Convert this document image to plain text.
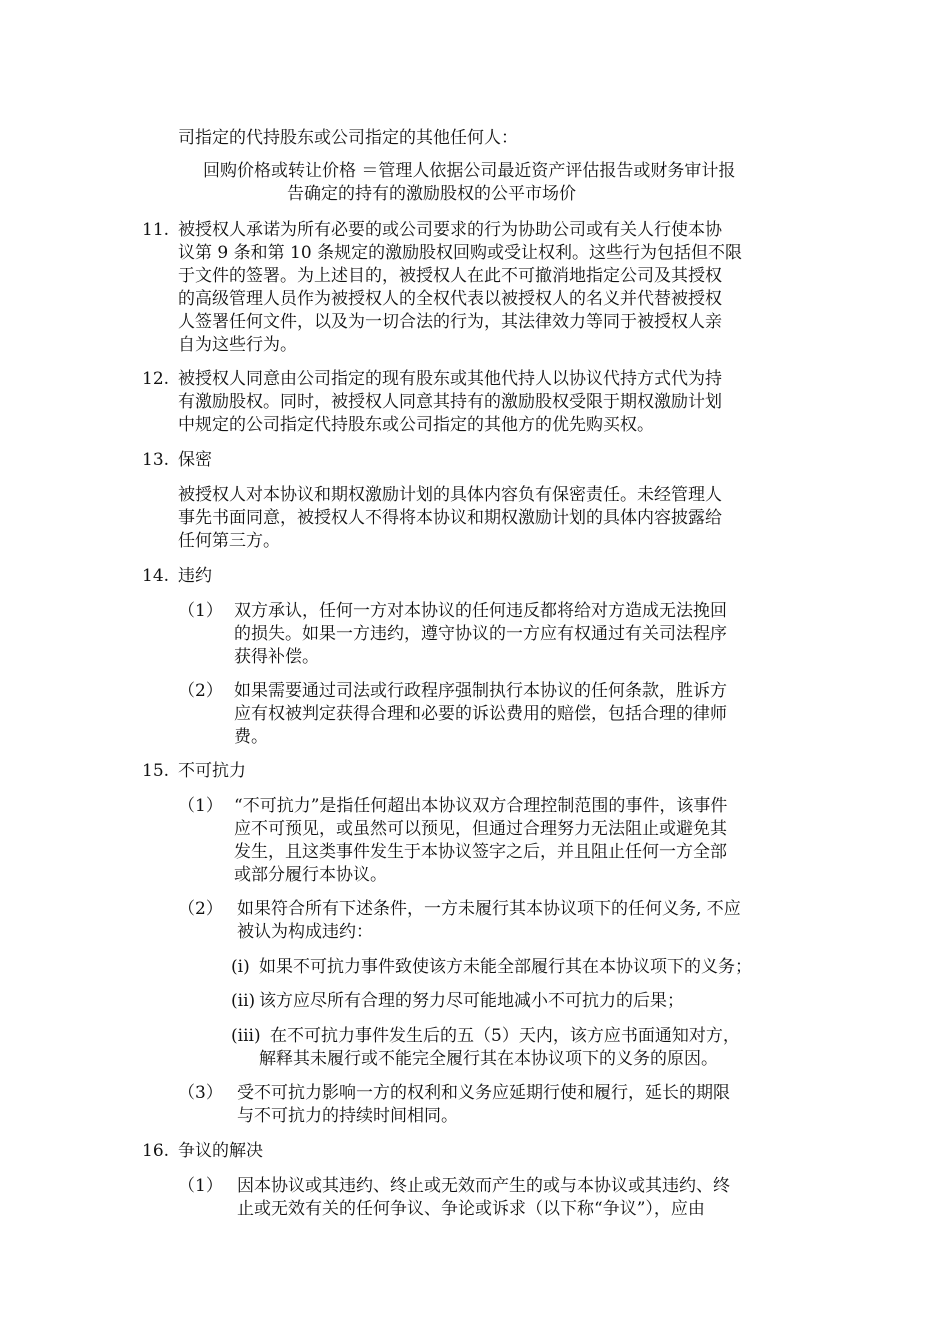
司指定的代持股东或公司指定的其他任何人：
回购价格或转让价格 ＝管理人依据公司最近资产评估报告或财务审计报
告确定的持有的激励股权的公平市场价
11. 被授权人承诺为所有必要的或公司要求的行为协助公司或有关人行使本协
议第 9 条和第 10 条规定的激励股权回购或受让权利。这些行为包括但不限
于文件的签署。为上述目的，被授权人在此不可撤消地指定公司及其授权
的高级管理人员作为被授权人的全权代表以被授权人的名义并代替被授权
人签署任何文件，以及为一切合法的行为，其法律效力等同于被授权人亲
自为这些行为。
12. 被授权人同意由公司指定的现有股东或其他代持人以协议代持方式代为持
有激励股权。同时，被授权人同意其持有的激励股权受限于期权激励计划
中规定的公司指定代持股东或公司指定的其他方的优先购买权。
13. 保密
被授权人对本协议和期权激励计划的具体内容负有保密责任。未经管理人
事先书面同意，被授权人不得将本协议和期权激励计划的具体内容披露给
任何第三方。
14. 违约
（1） 双方承认，任何一方对本协议的任何违反都将给对方造成无法挽回
的损失。如果一方违约，遵守协议的一方应有权通过有关司法程序
获得补偿。
（2） 如果需要通过司法或行政程序强制执行本协议的任何条款，胜诉方
应有权被判定获得合理和必要的诉讼费用的赔偿，包括合理的律师
费。
15. 不可抗力
（1） “不可抗力”是指任何超出本协议双方合理控制范围的事件，该事件
应不可预见，或虽然可以预见，但通过合理努力无法阻止或避免其
发生，且这类事件发生于本协议签字之后，并且阻止任何一方全部
或部分履行本协议。
（2） 如果符合所有下述条件，一方未履行其本协议项下的任何义务, 不应
被认为构成违约：
(i) 如果不可抗力事件致使该方未能全部履行其在本协议项下的义务；
(ii) 该方应尽所有合理的努力尽可能地减小不可抗力的后果；
(iii) 在不可抗力事件发生后的五（5）天内，该方应书面通知对方，
解释其未履行或不能完全履行其在本协议项下的义务的原因。
（3） 受不可抗力影响一方的权利和义务应延期行使和履行，延长的期限
与不可抗力的持续时间相同。
16. 争议的解决
（1） 因本协议或其违约、终止或无效而产生的或与本协议或其违约、终
止或无效有关的任何争议、争论或诉求（以下称“争议”），应由
